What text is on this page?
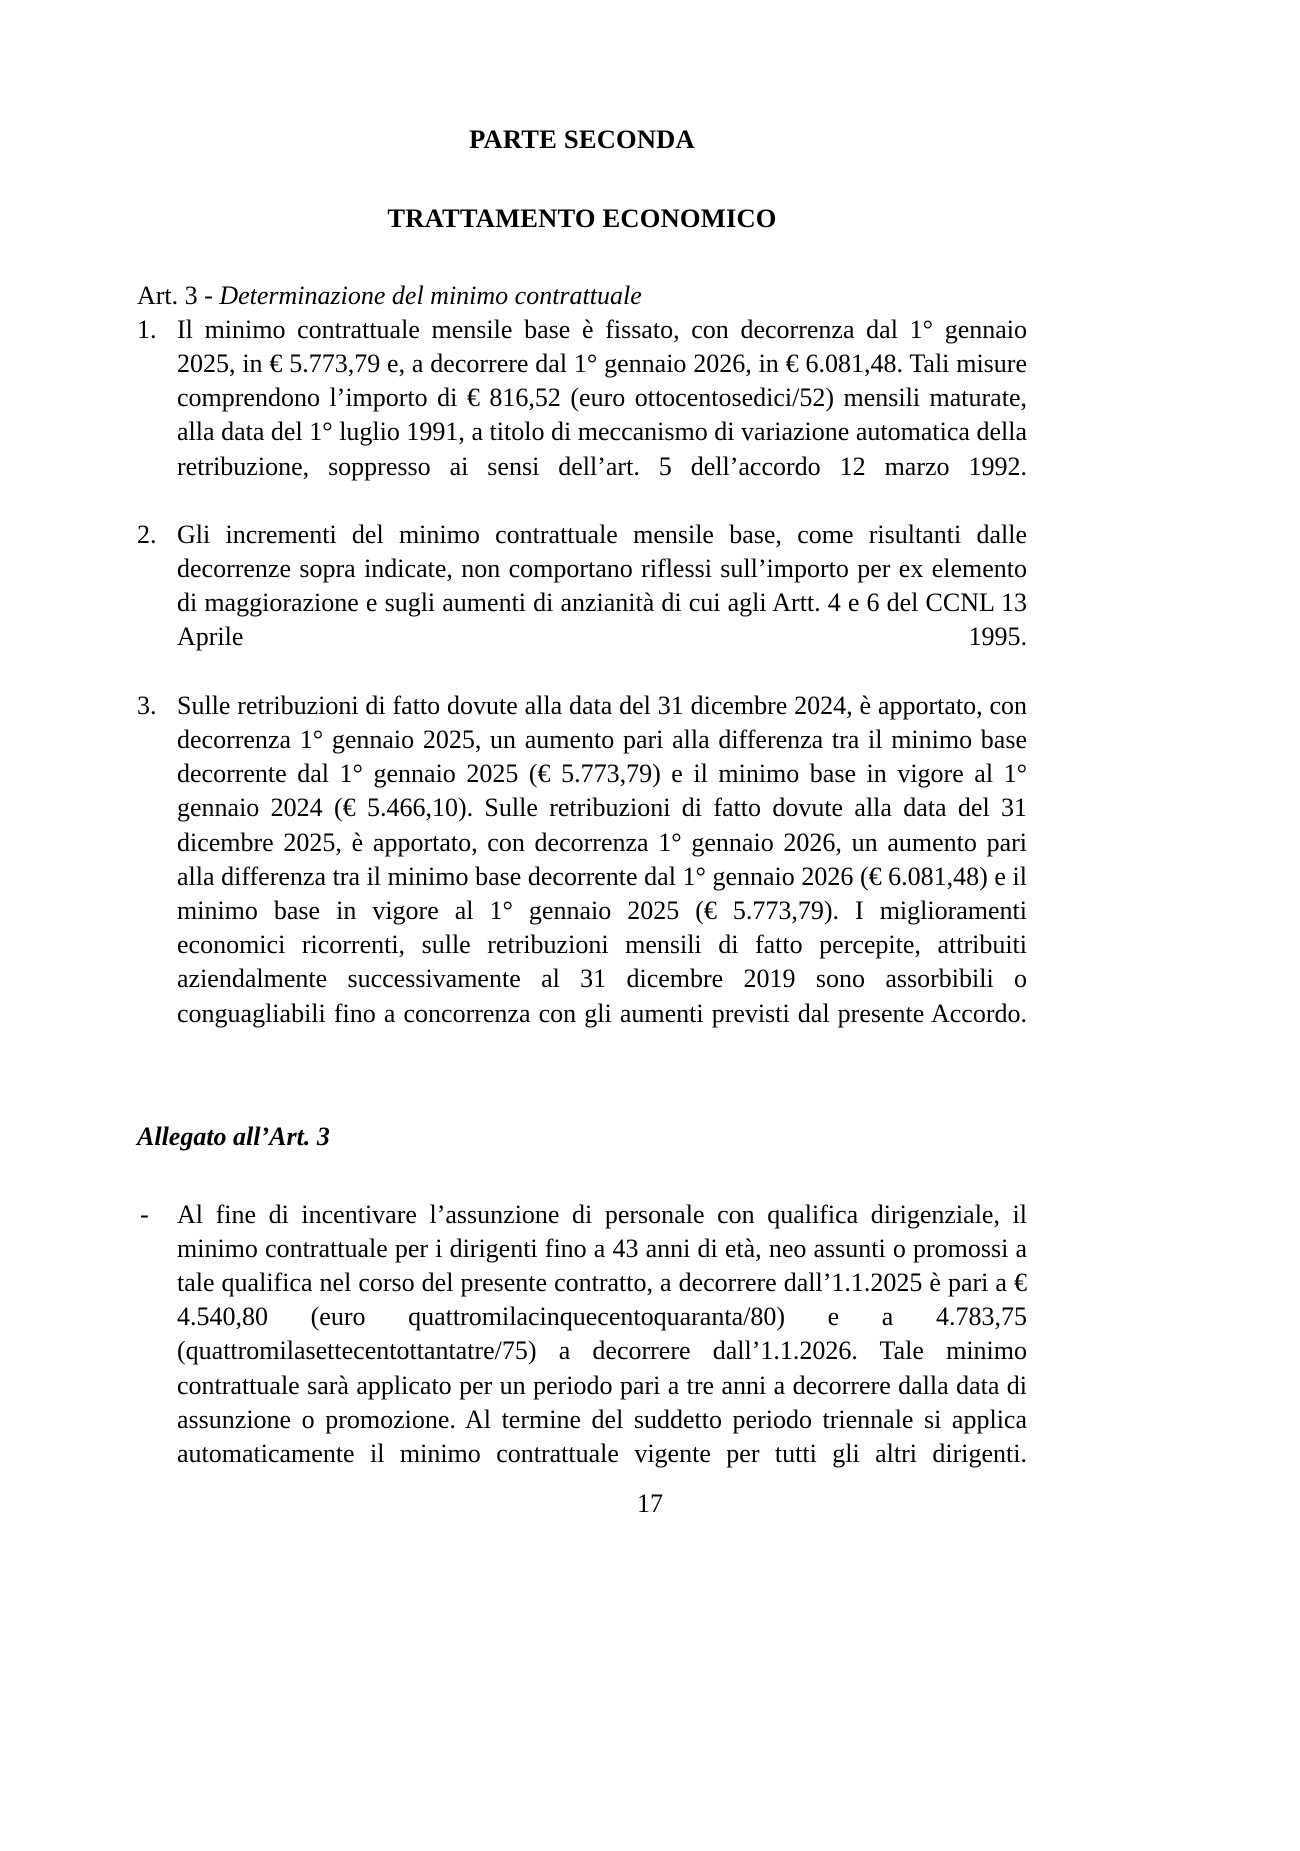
PARTE SECONDA
TRATTAMENTO ECONOMICO

Art. 3 - Determinazione del minimo contrattuale

1. Il minimo contrattuale mensile base è fissato, con decorrenza dal 1° gennaio 2025, in € 5.773,79 e, a decorrere dal 1° gennaio 2026, in € 6.081,48. Tali misure comprendono l’importo di € 816,52 (euro ottocentosedici/52) mensili maturate, alla data del 1° luglio 1991, a titolo di meccanismo di variazione automatica della retribuzione, soppresso ai sensi dell’art. 5 dell’accordo 12 marzo 1992.
2. Gli incrementi del minimo contrattuale mensile base, come risultanti dalle decorrenze sopra indicate, non comportano riflessi sull’importo per ex elemento di maggiorazione e sugli aumenti di anzianità di cui agli Artt. 4 e 6 del CCNL 13 Aprile 1995.
3. Sulle retribuzioni di fatto dovute alla data del 31 dicembre 2024, è apportato, con decorrenza 1° gennaio 2025, un aumento pari alla differenza tra il minimo base decorrente dal 1° gennaio 2025 (€ 5.773,79) e il minimo base in vigore al 1° gennaio 2024 (€ 5.466,10). Sulle retribuzioni di fatto dovute alla data del 31 dicembre 2025, è apportato, con decorrenza 1° gennaio 2026, un aumento pari alla differenza tra il minimo base decorrente dal 1° gennaio 2026 (€ 6.081,48) e il minimo base in vigore al 1° gennaio 2025 (€ 5.773,79). I miglioramenti economici ricorrenti, sulle retribuzioni mensili di fatto percepite, attribuiti aziendalmente successivamente al 31 dicembre 2019 sono assorbibili o conguagliabili fino a concorrenza con gli aumenti previsti dal presente Accordo.

Allegato all’Art. 3

- Al fine di incentivare l’assunzione di personale con qualifica dirigenziale, il minimo contrattuale per i dirigenti fino a 43 anni di età, neo assunti o promossi a tale qualifica nel corso del presente contratto, a decorrere dall’1.1.2025 è pari a € 4.540,80 (euro quattromilacinquecentoquaranta/80) e a 4.783,75 (quattromilasettecentottantatre/75) a decorrere dall’1.1.2026. Tale minimo contrattuale sarà applicato per un periodo pari a tre anni a decorrere dalla data di assunzione o promozione. Al termine del suddetto periodo triennale si applica automaticamente il minimo contrattuale vigente per tutti gli altri dirigenti.
17
